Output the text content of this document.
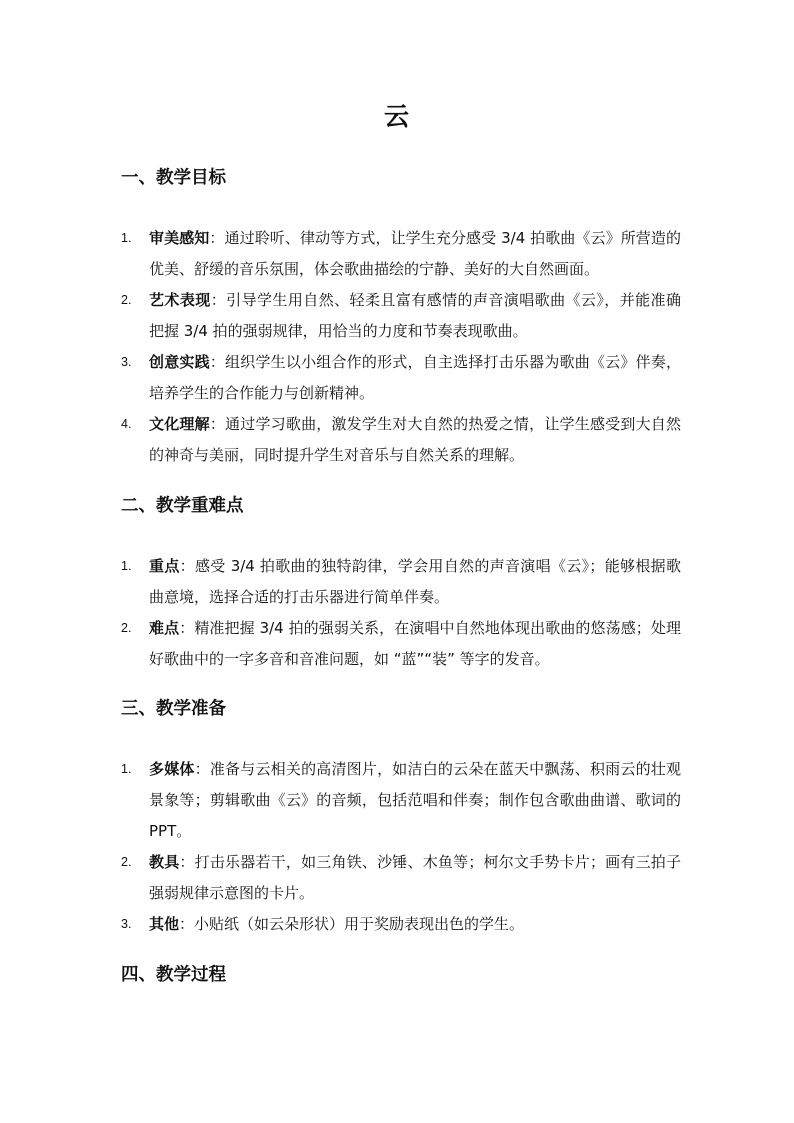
云
一、教学目标
1.	审美感知：通过聆听、律动等方式，让学生充分感受 3/4 拍歌曲《云》所营造的优美、舒缓的音乐氛围，体会歌曲描绘的宁静、美好的大自然画面。
2.	艺术表现：引导学生用自然、轻柔且富有感情的声音演唱歌曲《云》，并能准确把握 3/4 拍的强弱规律，用恰当的力度和节奏表现歌曲。
3.	创意实践：组织学生以小组合作的形式，自主选择打击乐器为歌曲《云》伴奏，培养学生的合作能力与创新精神。
4.	文化理解：通过学习歌曲，激发学生对大自然的热爱之情，让学生感受到大自然的神奇与美丽，同时提升学生对音乐与自然关系的理解。
二、教学重难点
1.	重点：感受 3/4 拍歌曲的独特韵律，学会用自然的声音演唱《云》；能够根据歌曲意境，选择合适的打击乐器进行简单伴奏。
2.	难点：精准把握 3/4 拍的强弱关系，在演唱中自然地体现出歌曲的悠荡感；处理好歌曲中的一字多音和音准问题，如 “蓝”“装” 等字的发音。
三、教学准备
1.	多媒体：准备与云相关的高清图片，如洁白的云朵在蓝天中飘荡、积雨云的壮观景象等；剪辑歌曲《云》的音频，包括范唱和伴奏；制作包含歌曲曲谱、歌词的 PPT。
2.	教具：打击乐器若干，如三角铁、沙锤、木鱼等；柯尔文手势卡片；画有三拍子强弱规律示意图的卡片。
3.	其他：小贴纸（如云朵形状）用于奖励表现出色的学生。
四、教学过程
